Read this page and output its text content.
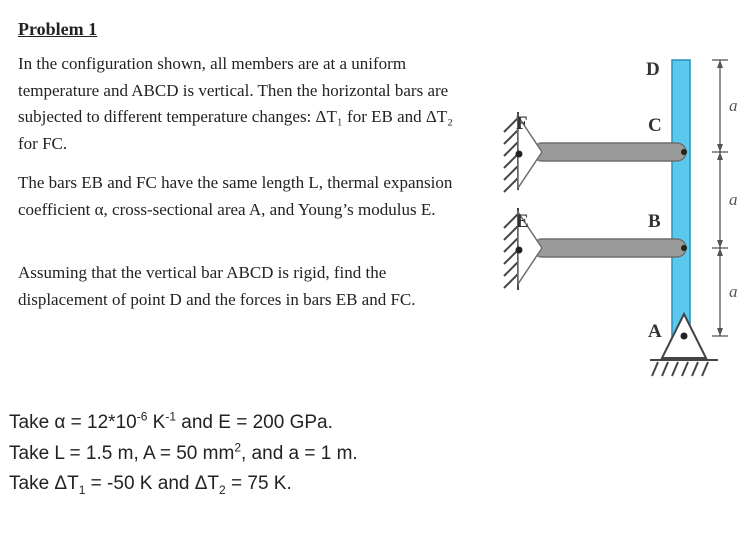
Problem 1

In the configuration shown, all members are at a uniform temperature and ABCD is vertical. Then the horizontal bars are subjected to different temperature changes: ΔT₁ for EB and ΔT₂ for FC.

The bars EB and FC have the same length L, thermal expansion coefficient α, cross-sectional area A, and Young’s modulus E.

Assuming that the vertical bar ABCD is rigid, find the displacement of point D and the forces in bars EB and FC.

Take $\alpha = 12*10^{-6}$ $K^{-1}$ and E = 200 GPa.
Take L = 1.5 m, A = 50 $mm^2$, and a = 1 m.
Take $\Delta T_1 = -50$ K and $\Delta T_2 = 75$ K.
a
a
a
D
C
B
A
F
E
